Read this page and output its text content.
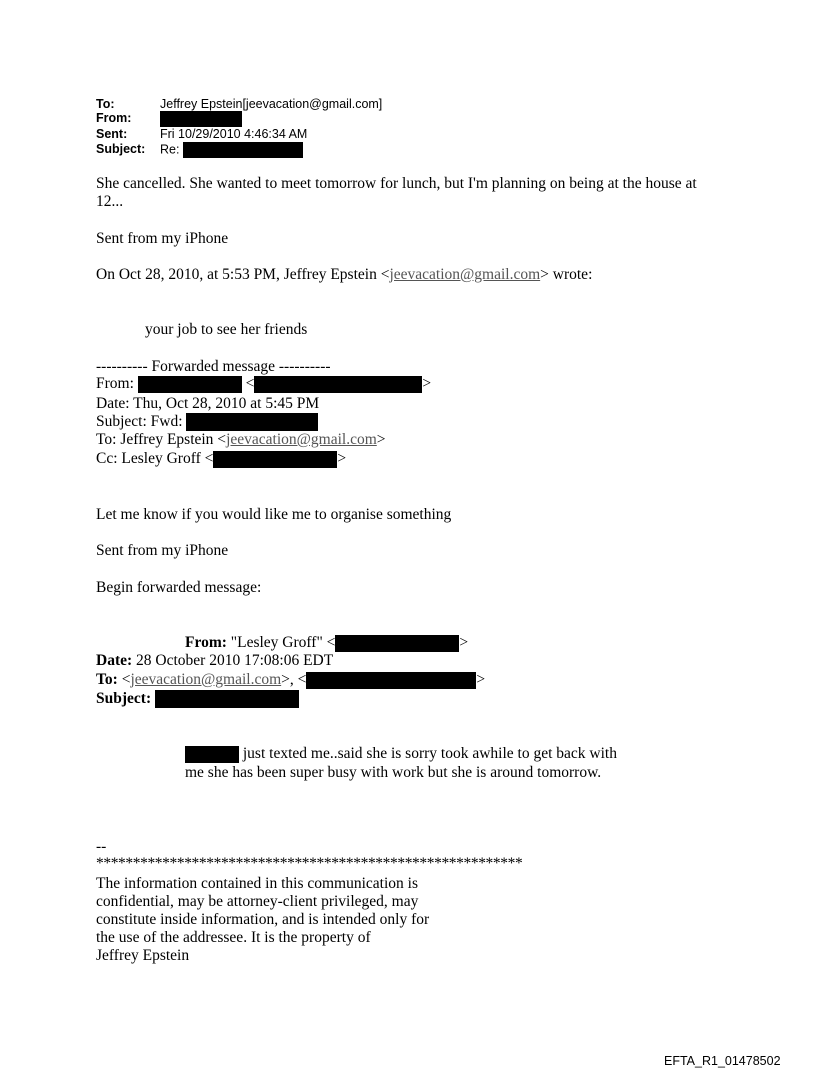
To:	Jeffrey Epstein[jeevacation@gmail.com]
From:
Sent:	Fri 10/29/2010 4:46:34 AM
Subject: Re:
She cancelled. She wanted to meet tomorrow for lunch, but I'm planning on being at the house at
12...
Sent from my iPhone
On Oct 28, 2010, at 5:53 PM, Jeffrey Epstein <jeevacation@gmail.com> wrote:
your job to see her friends
---------- Forwarded message ----------
From:	<	>
Date: Thu, Oct 28, 2010 at 5:45 PM
Subject: Fwd:
To: Jeffrey Epstein <jeevacation@gmail.com>
Cc: Lesley Groff <	>
Let me know if you would like me to organise something
Sent from my iPhone
Begin forwarded message:
From: "Lesley Groff" <	>
Date: 28 October 2010 17:08:06 EDT
To: <jeevacation@gmail.com>, <	>
Subject:
just texted me..said she is sorry took awhile to get back with
me she has been super busy with work but she is around tomorrow.
--
**********************************************************
The information contained in this communication is
confidential, may be attorney-client privileged, may
constitute inside information, and is intended only for
the use of the addressee. It is the property of
Jeffrey Epstein
EFTA_R1_01478502
